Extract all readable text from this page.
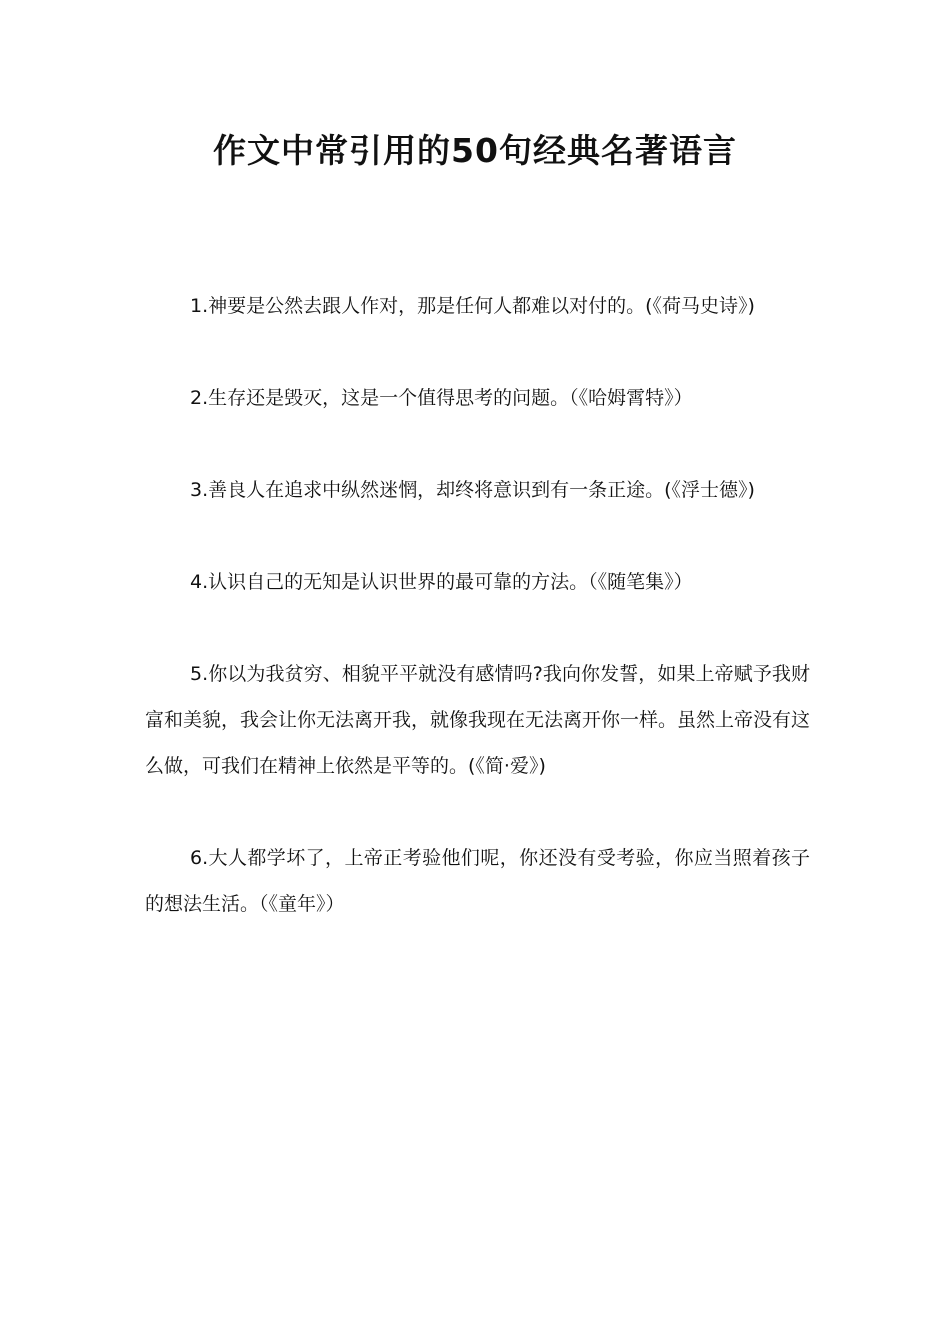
作文中常引用的50句经典名著语言

1.神要是公然去跟人作对，那是任何人都难以对付的。(《荷马史诗》)

2.生存还是毁灭，这是一个值得思考的问题。（《哈姆霄特》）

3.善良人在追求中纵然迷惘，却终将意识到有一条正途。(《浮士德》)

4.认识自己的无知是认识世界的最可靠的方法。（《随笔集》）

5.你以为我贫穷、相貌平平就没有感情吗?我向你发誓，如果上帝赋予我财富和美貌，我会让你无法离开我，就像我现在无法离开你一样。虽然上帝没有这么做，可我们在精神上依然是平等的。(《简·爱》)

6.大人都学坏了，上帝正考验他们呢，你还没有受考验，你应当照着孩子的想法生活。（《童年》）
